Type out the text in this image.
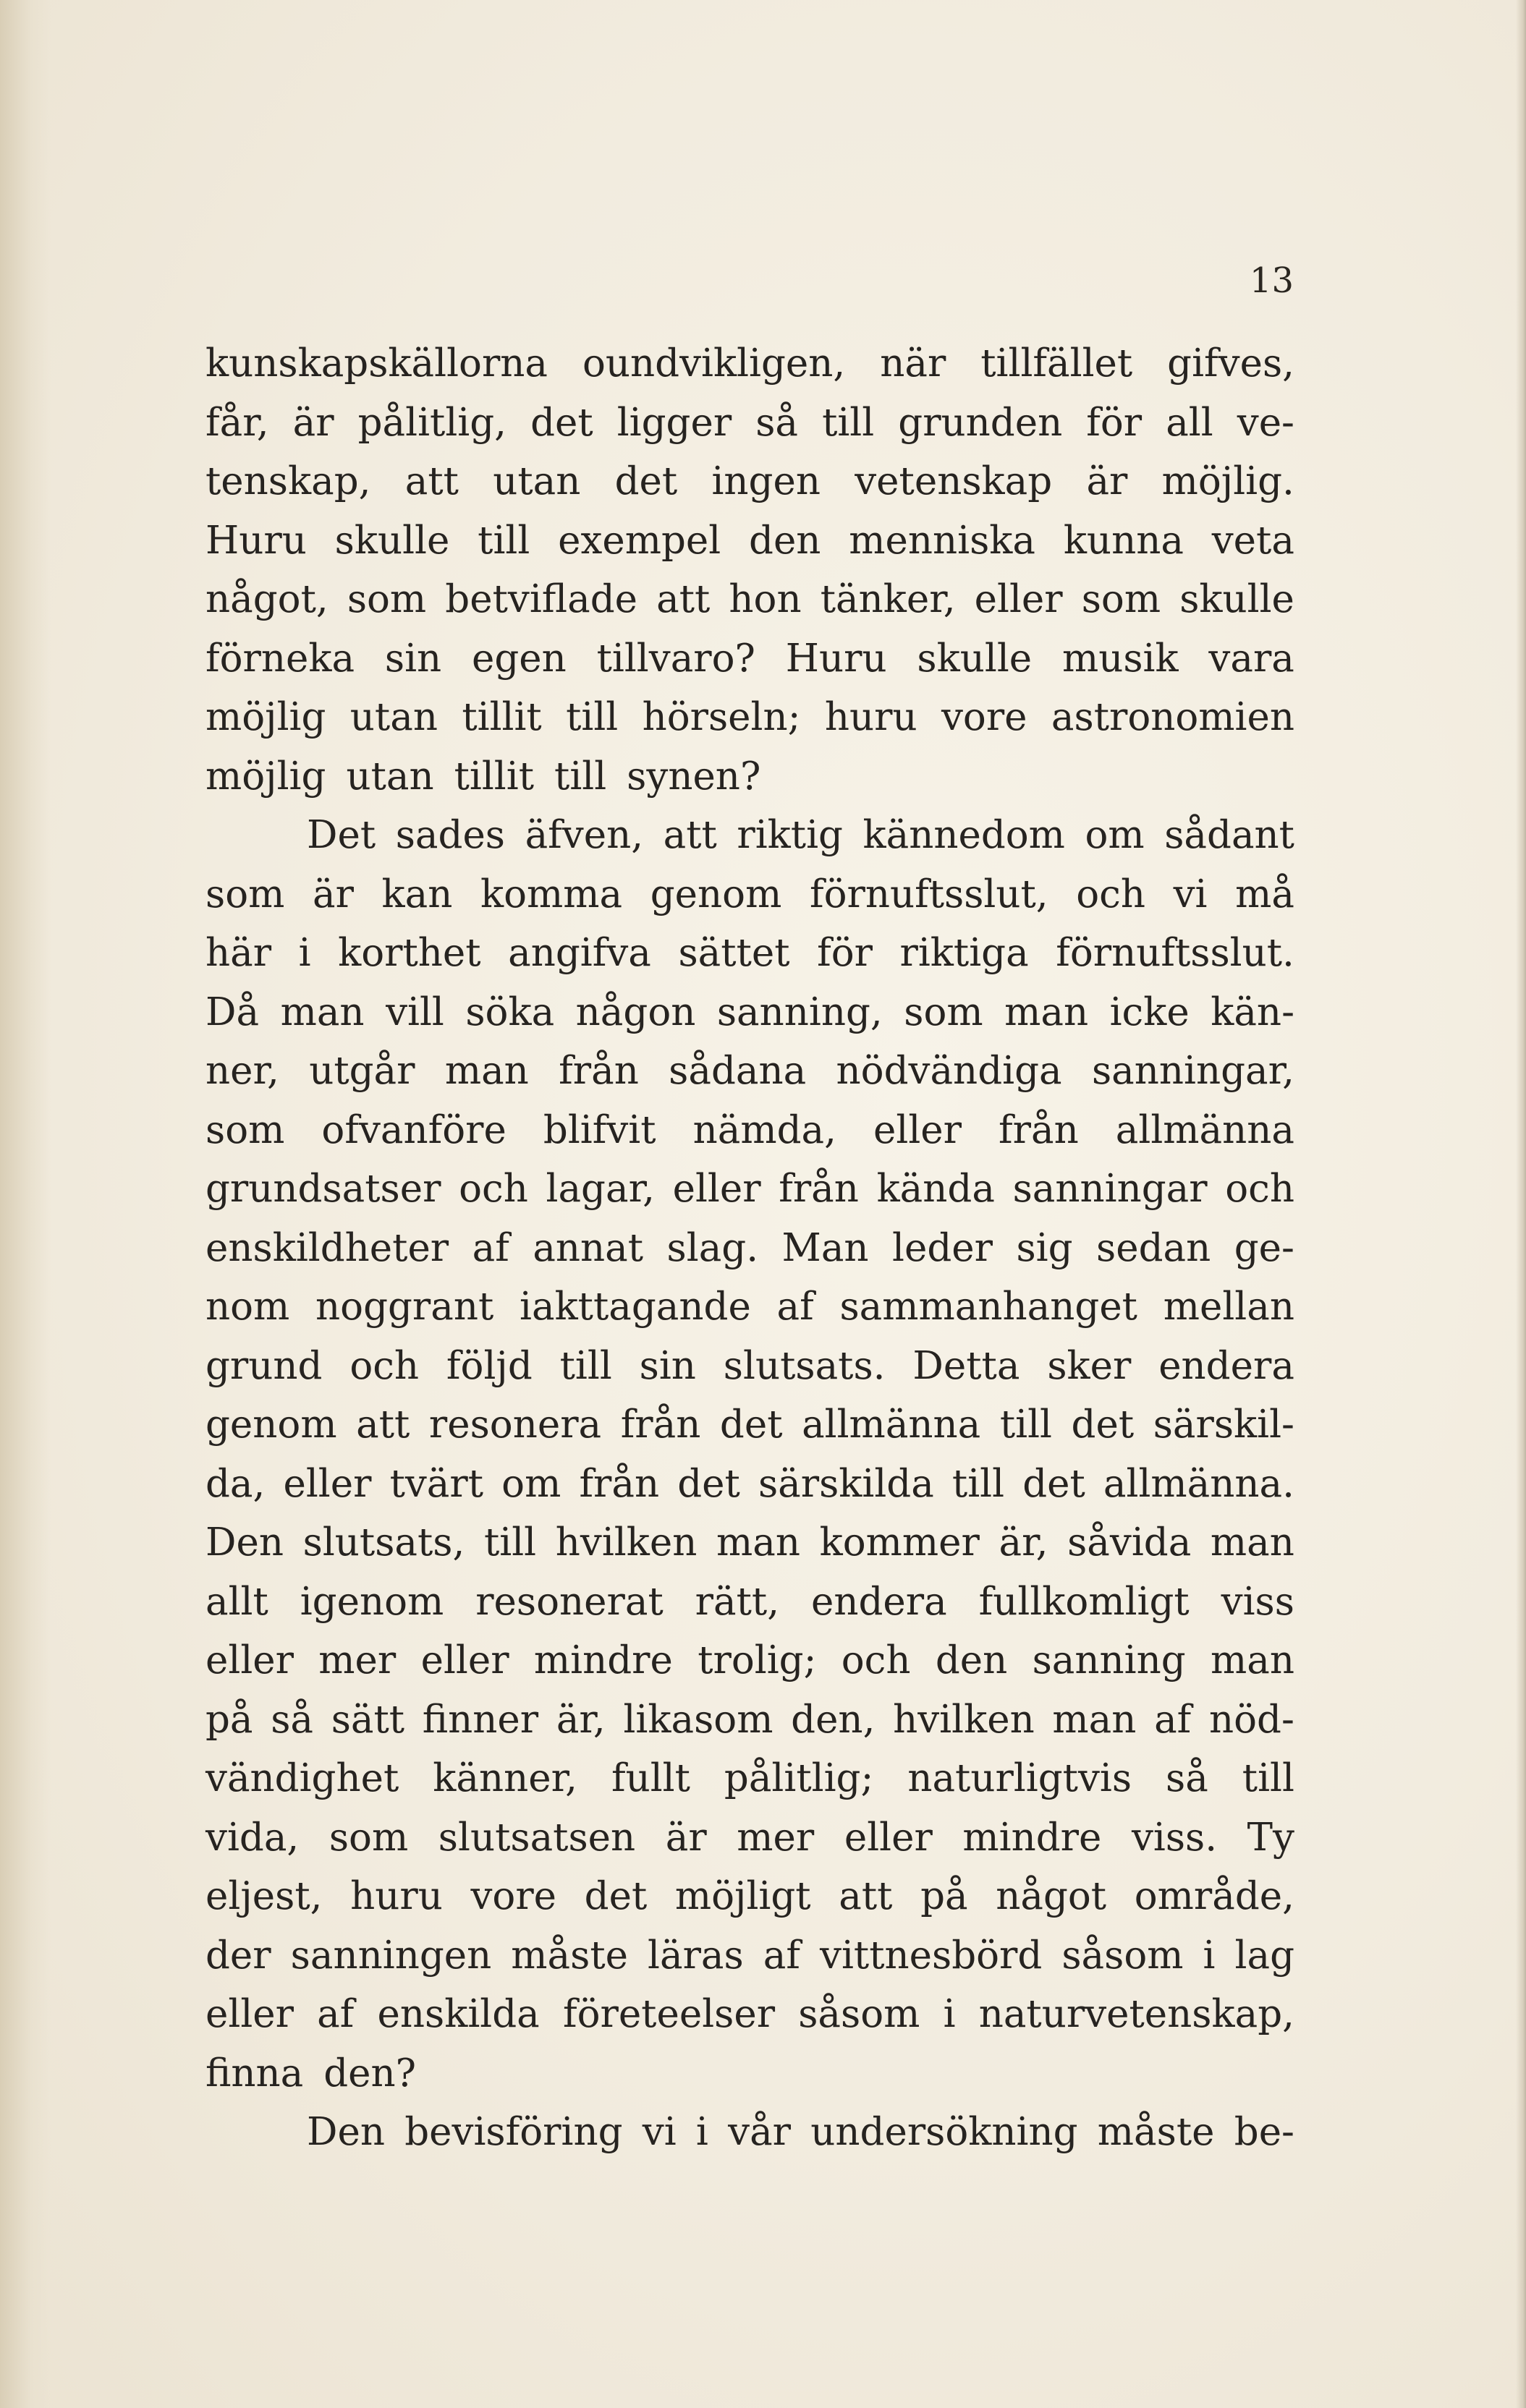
13
kunskapskällorna oundvikligen, när tillfället gifves,
får, är pålitlig, det ligger så till grunden för all ve-
tenskap, att utan det ingen vetenskap är möjlig.
Huru skulle till exempel den menniska kunna veta
något, som betviflade att hon tänker, eller som skulle
förneka sin egen tillvaro? Huru skulle musik vara
möjlig utan tillit till hörseln; huru vore astronomien
möjlig utan tillit till synen?
Det sades äfven, att riktig kännedom om sådant
som är kan komma genom förnuftsslut, och vi må
här i korthet angifva sättet för riktiga förnuftsslut.
Då man vill söka någon sanning, som man icke kän-
ner, utgår man från sådana nödvändiga sanningar,
som ofvanföre blifvit nämda, eller från allmänna
grundsatser och lagar, eller från kända sanningar och
enskildheter af annat slag. Man leder sig sedan ge-
nom noggrant iakttagande af sammanhanget mellan
grund och följd till sin slutsats. Detta sker endera
genom att resonera från det allmänna till det särskil-
da, eller tvärt om från det särskilda till det allmänna.
Den slutsats, till hvilken man kommer är, såvida man
allt igenom resonerat rätt, endera fullkomligt viss
eller mer eller mindre trolig; och den sanning man
på så sätt finner är, likasom den, hvilken man af nöd-
vändighet känner, fullt pålitlig; naturligtvis så till
vida, som slutsatsen är mer eller mindre viss. Ty
eljest, huru vore det möjligt att på något område,
der sanningen måste läras af vittnesbörd såsom i lag
eller af enskilda företeelser såsom i naturvetenskap,
finna den?
Den bevisföring vi i vår undersökning måste be-
